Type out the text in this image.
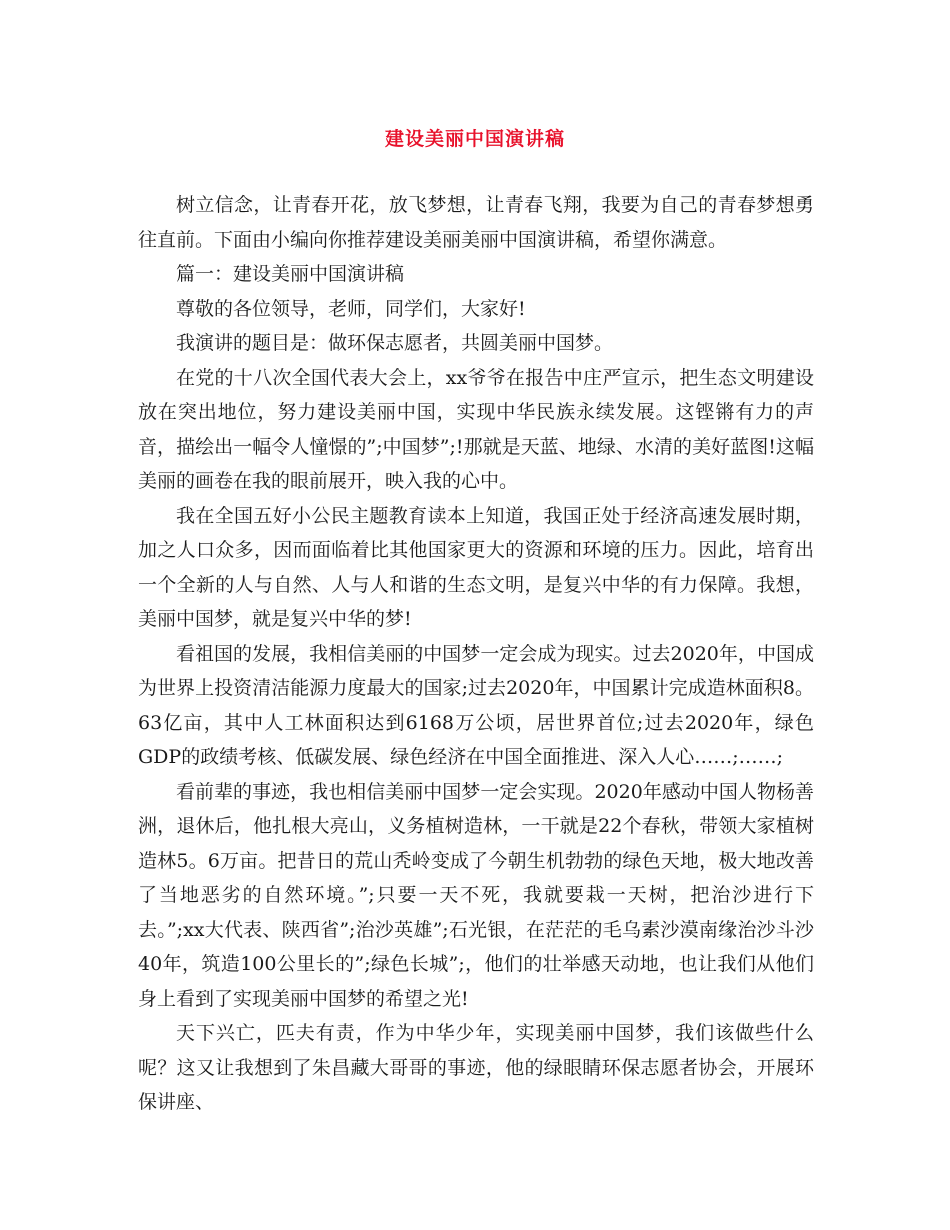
建设美丽中国演讲稿

树立信念，让青春开花，放飞梦想，让青春飞翔，我要为自己的青春梦想勇往直前。下面由小编向你推荐建设美丽美丽中国演讲稿，希望你满意。

篇一：建设美丽中国演讲稿

尊敬的各位领导，老师，同学们，大家好!

我演讲的题目是：做环保志愿者，共圆美丽中国梦。

在党的十八次全国代表大会上，xx爷爷在报告中庄严宣示，把生态文明建设放在突出地位，努力建设美丽中国，实现中华民族永续发展。这铿锵有力的声音，描绘出一幅令人憧憬的”;中国梦”;!那就是天蓝、地绿、水清的美好蓝图!这幅美丽的画卷在我的眼前展开，映入我的心中。

我在全国五好小公民主题教育读本上知道，我国正处于经济高速发展时期，加之人口众多，因而面临着比其他国家更大的资源和环境的压力。因此，培育出一个全新的人与自然、人与人和谐的生态文明，是复兴中华的有力保障。我想，美丽中国梦，就是复兴中华的梦!

看祖国的发展，我相信美丽的中国梦一定会成为现实。过去2020年，中国成为世界上投资清洁能源力度最大的国家;过去2020年，中国累计完成造林面积8。63亿亩，其中人工林面积达到6168万公顷，居世界首位;过去2020年，绿色GDP的政绩考核、低碳发展、绿色经济在中国全面推进、深入人心……;……;

看前辈的事迹，我也相信美丽中国梦一定会实现。2020年感动中国人物杨善洲，退休后，他扎根大亮山，义务植树造林，一干就是22个春秋，带领大家植树造林5。6万亩。把昔日的荒山秃岭变成了今朝生机勃勃的绿色天地，极大地改善了当地恶劣的自然环境。”;只要一天不死，我就要栽一天树，把治沙进行下去。”;xx大代表、陕西省”;治沙英雄”;石光银，在茫茫的毛乌素沙漠南缘治沙斗沙40年，筑造100公里长的”;绿色长城”;，他们的壮举感天动地，也让我们从他们身上看到了实现美丽中国梦的希望之光!

天下兴亡，匹夫有责，作为中华少年，实现美丽中国梦，我们该做些什么呢？这又让我想到了朱昌藏大哥哥的事迹，他的绿眼睛环保志愿者协会，开展环保讲座、
